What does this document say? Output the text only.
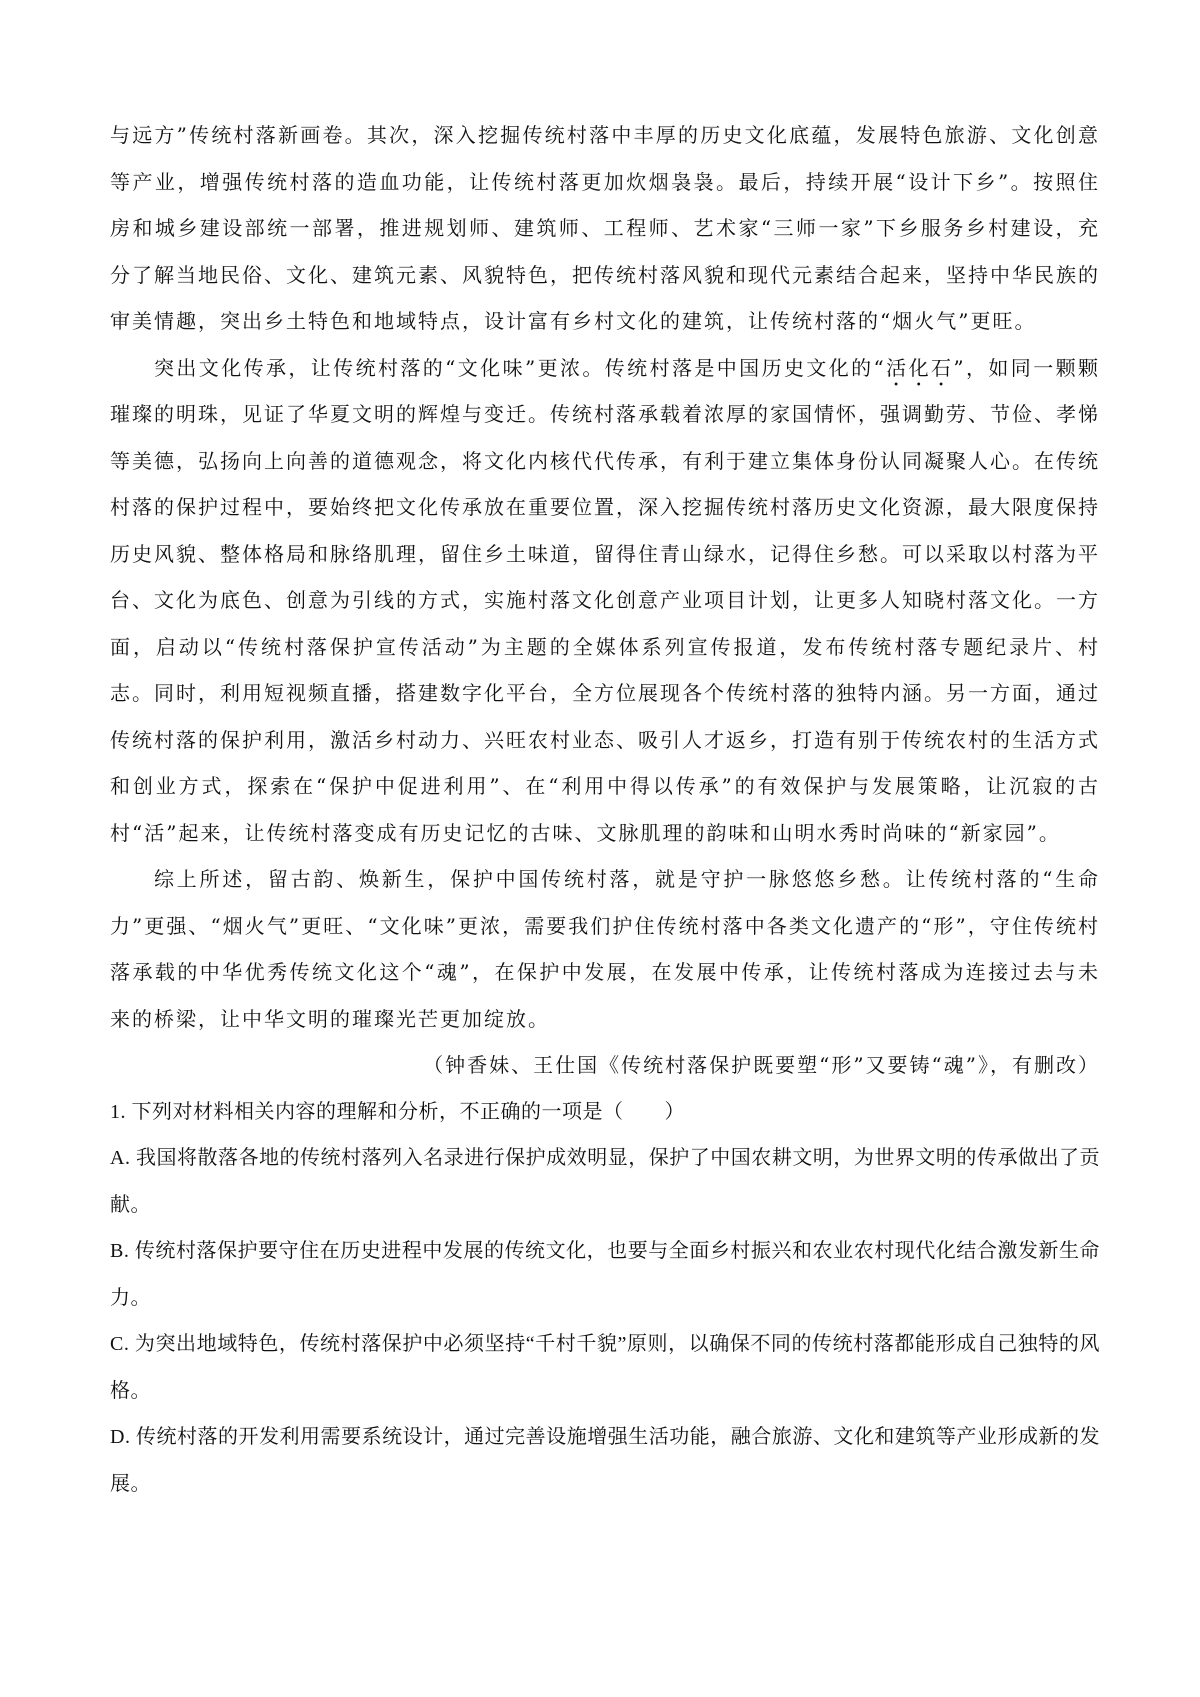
与远方”传统村落新画卷。其次，深入挖掘传统村落中丰厚的历史文化底蕴，发展特色旅游、文化创意等产业，增强传统村落的造血功能，让传统村落更加炊烟袅袅。最后，持续开展“设计下乡”。按照住房和城乡建设部统一部署，推进规划师、建筑师、工程师、艺术家“三师一家”下乡服务乡村建设，充分了解当地民俗、文化、建筑元素、风貌特色，把传统村落风貌和现代元素结合起来，坚持中华民族的审美情趣，突出乡土特色和地域特点，设计富有乡村文化的建筑，让传统村落的“烟火气”更旺。

突出文化传承，让传统村落的“文化味”更浓。传统村落是中国历史文化的“活化石”，如同一颗颗璀璨的明珠，见证了华夏文明的辉煌与变迁。传统村落承载着浓厚的家国情怀，强调勤劳、节俭、孝悌等美德，弘扬向上向善的道德观念，将文化内核代代传承，有利于建立集体身份认同凝聚人心。在传统村落的保护过程中，要始终把文化传承放在重要位置，深入挖掘传统村落历史文化资源，最大限度保持历史风貌、整体格局和脉络肌理，留住乡土味道，留得住青山绿水，记得住乡愁。可以采取以村落为平台、文化为底色、创意为引线的方式，实施村落文化创意产业项目计划，让更多人知晓村落文化。一方面，启动以“传统村落保护宣传活动”为主题的全媒体系列宣传报道，发布传统村落专题纪录片、村志。同时，利用短视频直播，搭建数字化平台，全方位展现各个传统村落的独特内涵。另一方面，通过传统村落的保护利用，激活乡村动力、兴旺农村业态、吸引人才返乡，打造有别于传统农村的生活方式和创业方式，探索在“保护中促进利用”、在“利用中得以传承”的有效保护与发展策略，让沉寂的古村“活”起来，让传统村落变成有历史记忆的古味、文脉肌理的韵味和山明水秀时尚味的“新家园”。

综上所述，留古韵、焕新生，保护中国传统村落，就是守护一脉悠悠乡愁。让传统村落的“生命力”更强、“烟火气”更旺、“文化味”更浓，需要我们护住传统村落中各类文化遗产的“形”，守住传统村落承载的中华优秀传统文化这个“魂”，在保护中发展，在发展中传承，让传统村落成为连接过去与未来的桥梁，让中华文明的璀璨光芒更加绽放。

（钟香妹、王仕国《传统村落保护既要塑“形”又要铸“魂”》，有删改）

1. 下列对材料相关内容的理解和分析，不正确的一项是（　　）

A. 我国将散落各地的传统村落列入名录进行保护成效明显，保护了中国农耕文明，为世界文明的传承做出了贡献。

B. 传统村落保护要守住在历史进程中发展的传统文化，也要与全面乡村振兴和农业农村现代化结合激发新生命力。

C. 为突出地域特色，传统村落保护中必须坚持“千村千貌”原则，以确保不同的传统村落都能形成自己独特的风格。

D. 传统村落的开发利用需要系统设计，通过完善设施增强生活功能，融合旅游、文化和建筑等产业形成新的发展。
